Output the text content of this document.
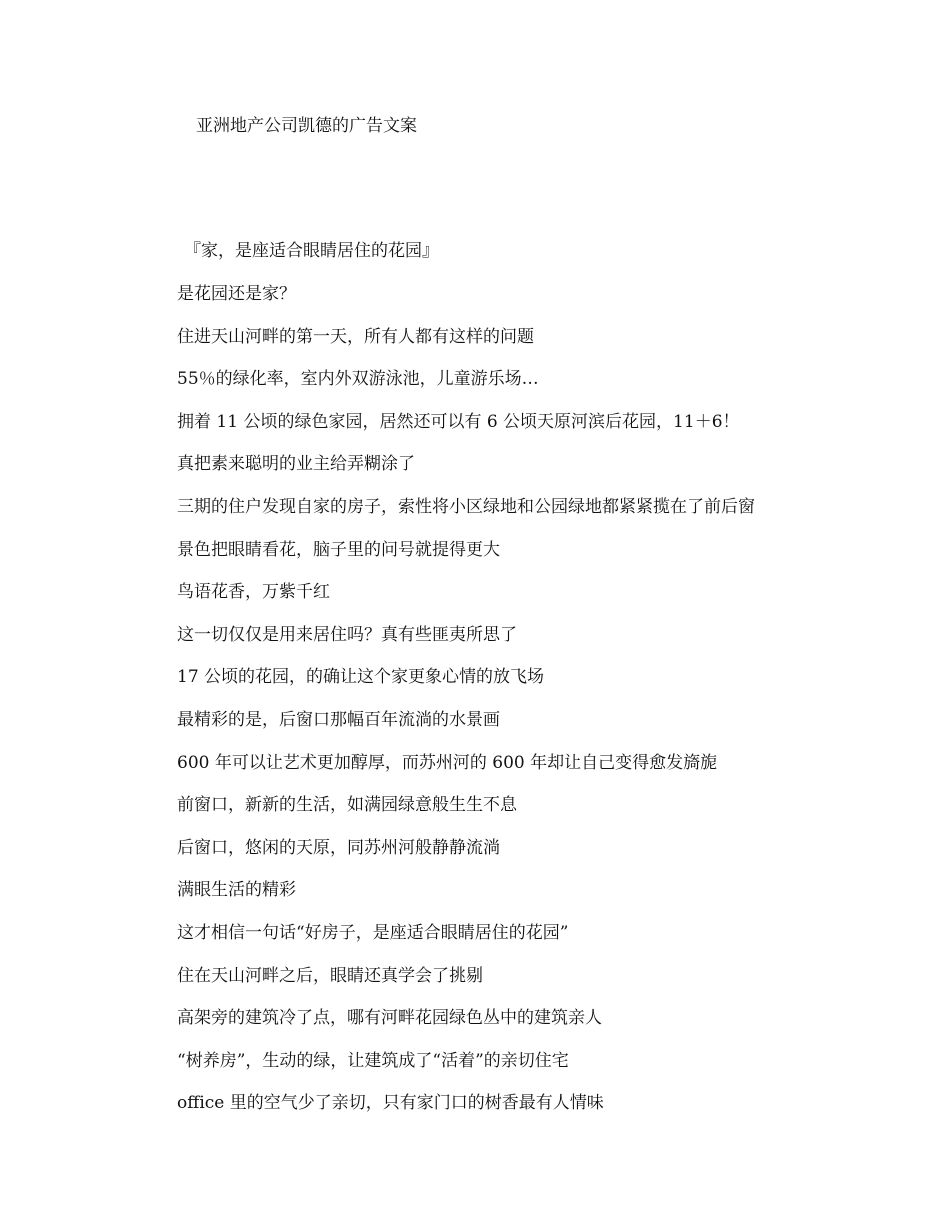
亚洲地产公司凯德的广告文案
『家，是座适合眼睛居住的花园』
是花园还是家？
住进天山河畔的第一天，所有人都有这样的问题
55％的绿化率，室内外双游泳池，儿童游乐场…
拥着 11 公顷的绿色家园，居然还可以有 6 公顷天原河滨后花园，11＋6！
真把素来聪明的业主给弄糊涂了
三期的住户发现自家的房子，索性将小区绿地和公园绿地都紧紧揽在了前后窗
景色把眼睛看花，脑子里的问号就提得更大
鸟语花香，万紫千红
这一切仅仅是用来居住吗？真有些匪夷所思了
17 公顷的花园，的确让这个家更象心情的放飞场
最精彩的是，后窗口那幅百年流淌的水景画
600 年可以让艺术更加醇厚，而苏州河的 600 年却让自己变得愈发旖旎
前窗口，新新的生活，如满园绿意般生生不息
后窗口，悠闲的天原，同苏州河般静静流淌
满眼生活的精彩
这才相信一句话“好房子，是座适合眼睛居住的花园”
住在天山河畔之后，眼睛还真学会了挑剔
高架旁的建筑冷了点，哪有河畔花园绿色丛中的建筑亲人
“树养房”，生动的绿，让建筑成了“活着”的亲切住宅
office 里的空气少了亲切，只有家门口的树香最有人情味
